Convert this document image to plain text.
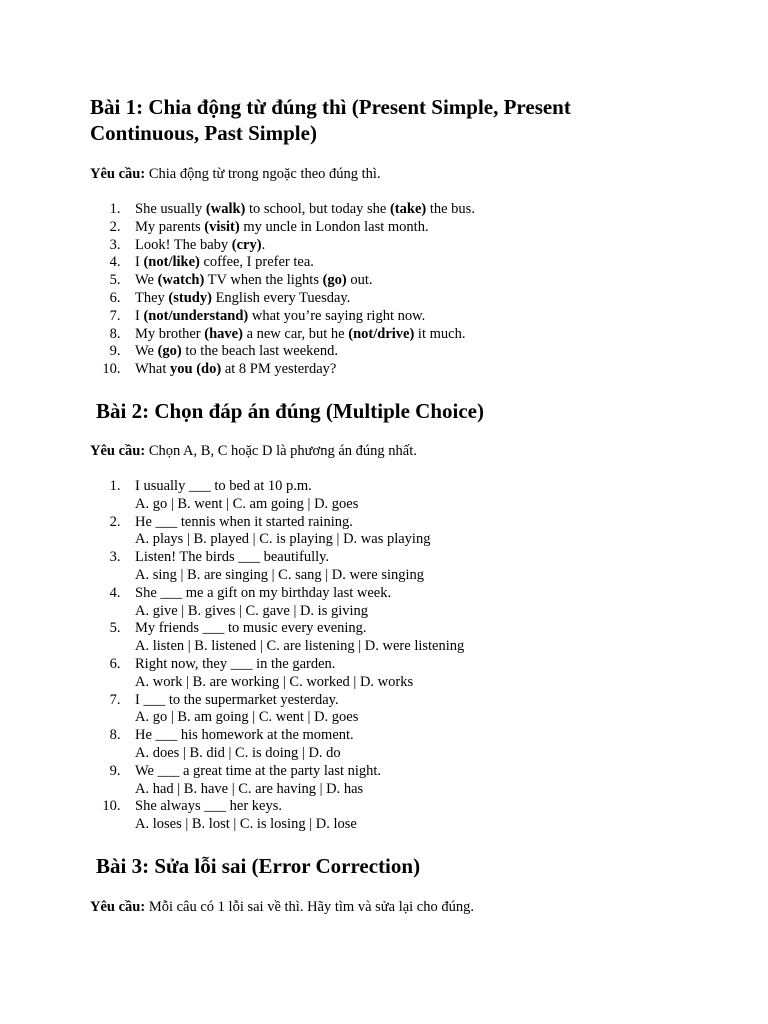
Bài 1: Chia động từ đúng thì (Present Simple, Present Continuous, Past Simple)

Yêu cầu: Chia động từ trong ngoặc theo đúng thì.

1. She usually (walk) to school, but today she (take) the bus.
2. My parents (visit) my uncle in London last month.
3. Look! The baby (cry).
4. I (not/like) coffee, I prefer tea.
5. We (watch) TV when the lights (go) out.
6. They (study) English every Tuesday.
7. I (not/understand) what you’re saying right now.
8. My brother (have) a new car, but he (not/drive) it much.
9. We (go) to the beach last weekend.
10. What you (do) at 8 PM yesterday?
Bài 2: Chọn đáp án đúng (Multiple Choice)

Yêu cầu: Chọn A, B, C hoặc D là phương án đúng nhất.

1. I usually ___ to bed at 10 p.m.
A. go | B. went | C. am going | D. goes
2. He ___ tennis when it started raining.
A. plays | B. played | C. is playing | D. was playing
3. Listen! The birds ___ beautifully.
A. sing | B. are singing | C. sang | D. were singing
4. She ___ me a gift on my birthday last week.
A. give | B. gives | C. gave | D. is giving
5. My friends ___ to music every evening.
A. listen | B. listened | C. are listening | D. were listening
6. Right now, they ___ in the garden.
A. work | B. are working | C. worked | D. works
7. I ___ to the supermarket yesterday.
A. go | B. am going | C. went | D. goes
8. He ___ his homework at the moment.
A. does | B. did | C. is doing | D. do
9. We ___ a great time at the party last night.
A. had | B. have | C. are having | D. has
10. She always ___ her keys.
A. loses | B. lost | C. is losing | D. lose
Bài 3: Sửa lỗi sai (Error Correction)

Yêu cầu: Mỗi câu có 1 lỗi sai về thì. Hãy tìm và sửa lại cho đúng.
